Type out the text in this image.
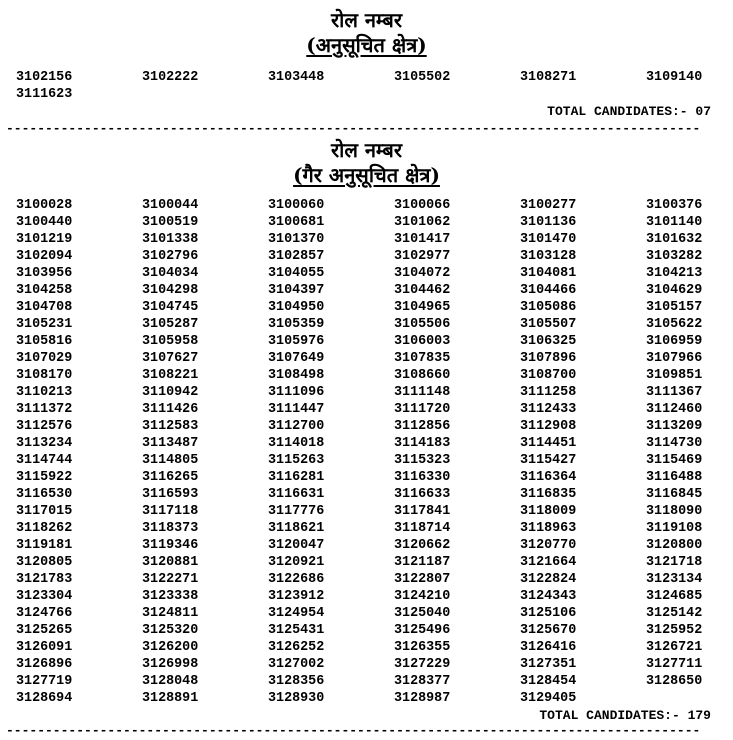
रोल नम्बर
(अनुसूचित क्षेत्र)
3102156	3102222	3103448	3105502	3108271	3109140
3111623
TOTAL CANDIDATES:- 07
-----------------------------------------------------------------------------------------
रोल नम्बर
(गैर अनुसूचित क्षेत्र)
3100028	3100044	3100060	3100066	3100277	3100376
3100440	3100519	3100681	3101062	3101136	3101140
3101219	3101338	3101370	3101417	3101470	3101632
3102094	3102796	3102857	3102977	3103128	3103282
3103956	3104034	3104055	3104072	3104081	3104213
3104258	3104298	3104397	3104462	3104466	3104629
3104708	3104745	3104950	3104965	3105086	3105157
3105231	3105287	3105359	3105506	3105507	3105622
3105816	3105958	3105976	3106003	3106325	3106959
3107029	3107627	3107649	3107835	3107896	3107966
3108170	3108221	3108498	3108660	3108700	3109851
3110213	3110942	3111096	3111148	3111258	3111367
3111372	3111426	3111447	3111720	3112433	3112460
3112576	3112583	3112700	3112856	3112908	3113209
3113234	3113487	3114018	3114183	3114451	3114730
3114744	3114805	3115263	3115323	3115427	3115469
3115922	3116265	3116281	3116330	3116364	3116488
3116530	3116593	3116631	3116633	3116835	3116845
3117015	3117118	3117776	3117841	3118009	3118090
3118262	3118373	3118621	3118714	3118963	3119108
3119181	3119346	3120047	3120662	3120770	3120800
3120805	3120881	3120921	3121187	3121664	3121718
3121783	3122271	3122686	3122807	3122824	3123134
3123304	3123338	3123912	3124210	3124343	3124685
3124766	3124811	3124954	3125040	3125106	3125142
3125265	3125320	3125431	3125496	3125670	3125952
3126091	3126200	3126252	3126355	3126416	3126721
3126896	3126998	3127002	3127229	3127351	3127711
3127719	3128048	3128356	3128377	3128454	3128650
3128694	3128891	3128930	3128987	3129405
TOTAL CANDIDATES:- 179
-----------------------------------------------------------------------------------------
